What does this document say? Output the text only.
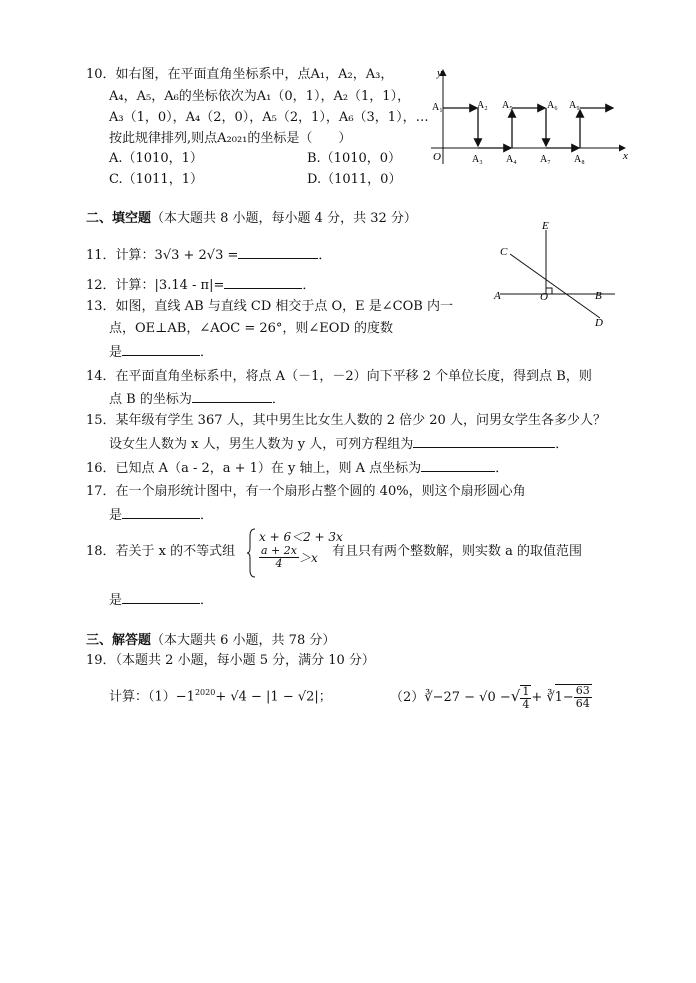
10．如右图，在平面直角坐标系中，点A₁，A₂，A₃，
A₄，A₅，A₆的坐标依次为A₁（0，1），A₂（1，1），
A₃（1，0），A₄（2，0），A₅（2，1），A₆（3，1），…
按此规律排列,则点A₂₀₂₁的坐标是（　　）
A.（1010，1）	B.（1010，0）
C.（1011，1）	D.（1011，0）
y
x
O
A₁	A₂
A₃ A₄
A₅	A₆
A₇ A₈
A₉
二、填空题（本大题共 8 小题，每小题 4 分，共 32 分）
11．计算：3√3 + 2√3 =	．
12．计算：|3.14 - π|=	．
13．如图，直线 AB 与直线 CD 相交于点 O，E 是∠COB 内一
点，OE⊥AB，∠AOC = 26°，则∠EOD 的度数
是	．
C
E
A	O	B
D
14．在平面直角坐标系中，将点 A（－1，－2）向下平移 2 个单位长度，得到点 B，则
点 B 的坐标为	．
15．某年级有学生 367 人，其中男生比女生人数的 2 倍少 20 人，问男女学生各多少人？
设女生人数为 x 人，男生人数为 y 人，可列方程组为	．
16．已知点 A（a - 2，a + 1）在 y 轴上，则 A 点坐标为	．
17．在一个扇形统计图中，有一个扇形占整个圆的 40%，则这个扇形圆心角
是	．
18．若关于 x 的不等式组
x + 6＜2 + 3x
$\frac{a + 2x}{4} >x$ 有且只有两个整数解，则实数 a 的取值范围
是	．
三、解答题（本大题共 6 小题，共 78 分）
19．（本题共 2 小题，每小题 5 分，满分 10 分）
计算：$(1)-1^{2020}+ √4 - |1 - √2|$；	（2）∛−27 − √0 −√ $\frac{1}{4}$ + ∛1− $\frac{63}{64}$
